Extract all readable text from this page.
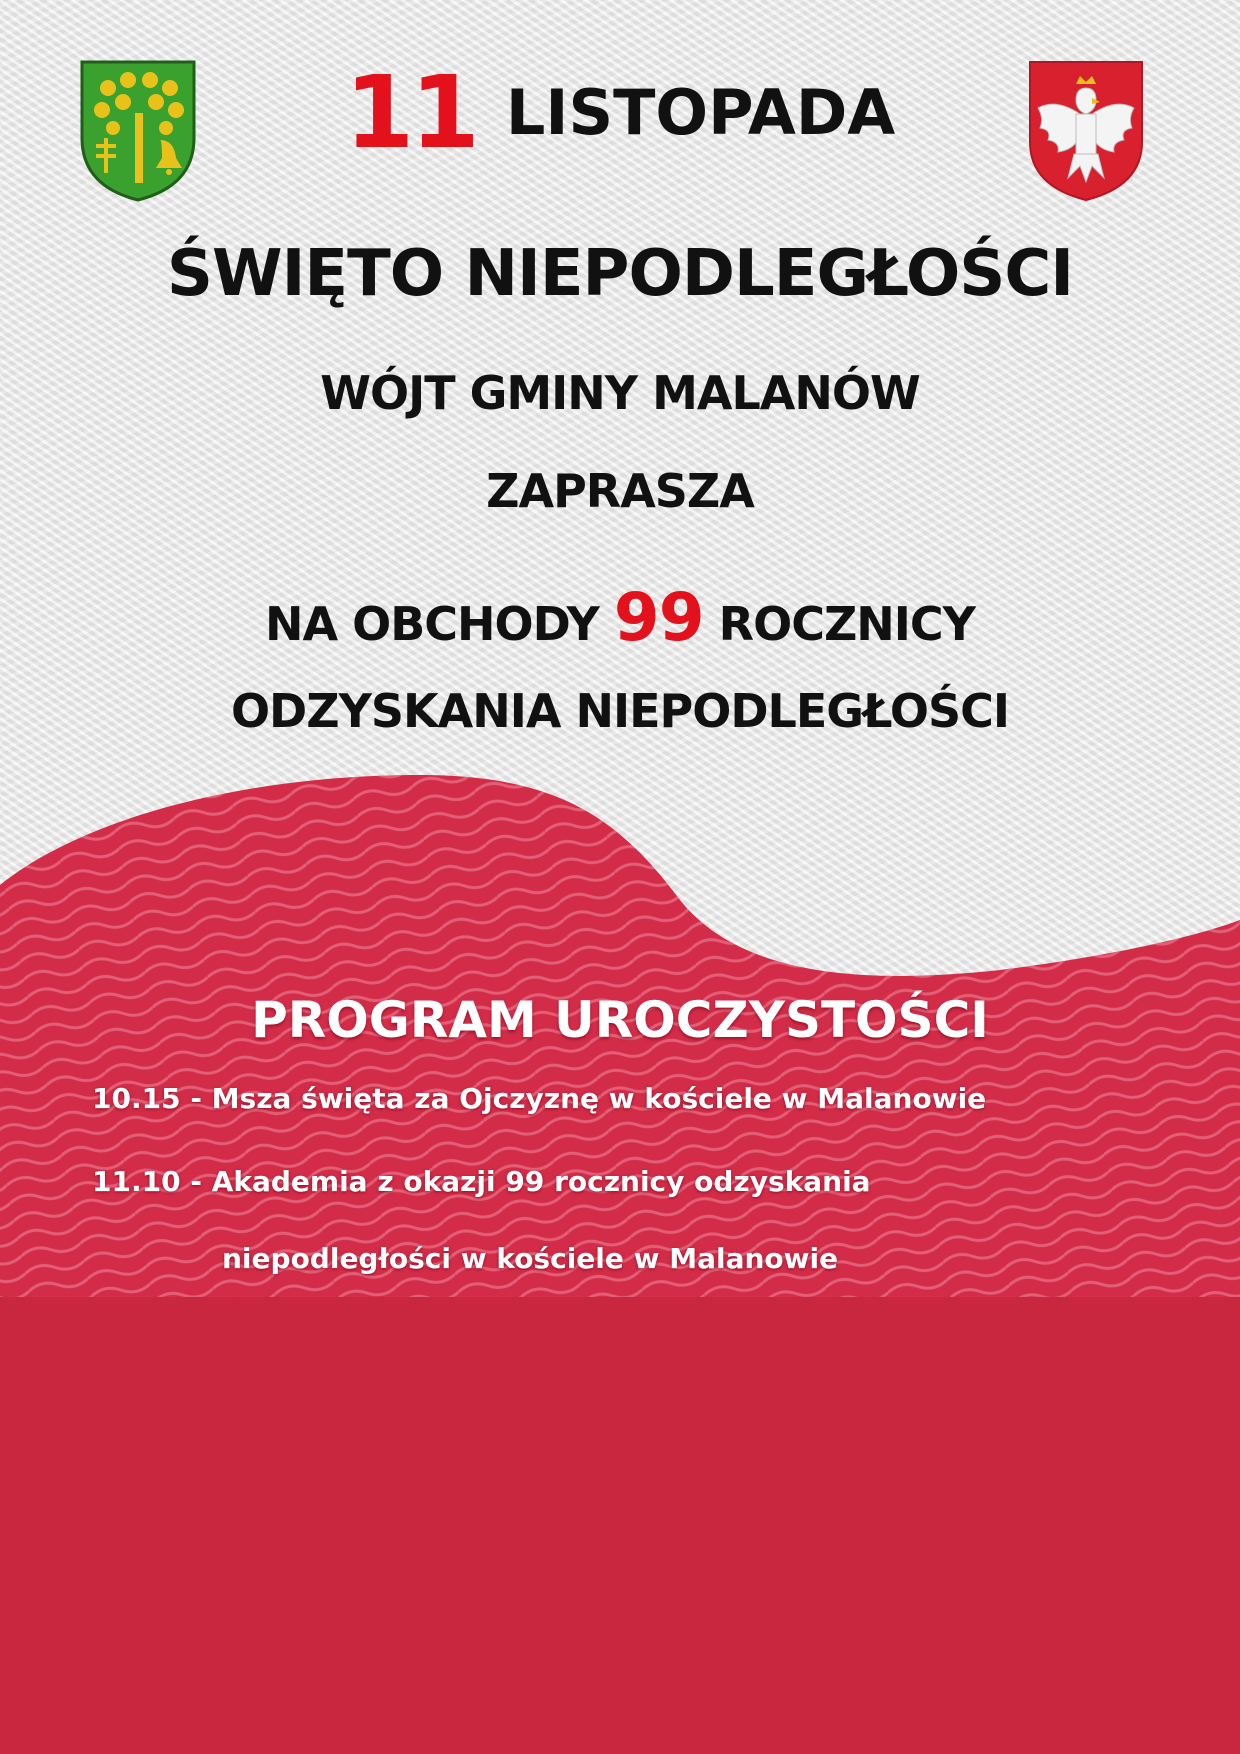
11 LISTOPADA
ŚWIĘTO NIEPODLEGŁOŚCI
WÓJT GMINY MALANÓW
ZAPRASZA
NA OBCHODY 99 ROCZNICY
ODZYSKANIA NIEPODLEGŁOŚCI
PROGRAM UROCZYSTOŚCI
10.15 - Msza święta za Ojczyznę w kościele w Malanowie
11.10 - Akademia z okazji 99 rocznicy odzyskania
niepodległości w kościele w Malanowie
